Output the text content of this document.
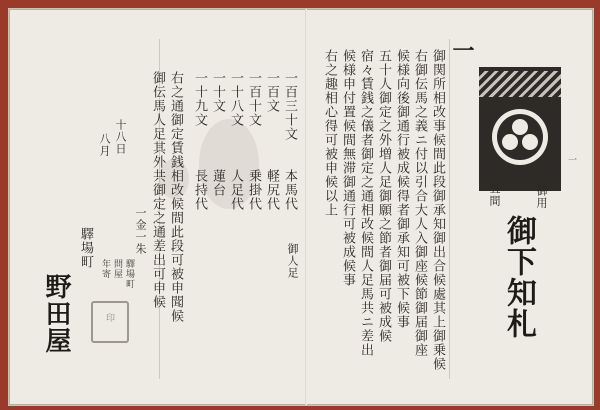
一
御関所相改事候間此段御承知御出合候處其上御乗候
右御伝馬之義ニ付以引合大人入御座候節御届御座
候様向後御通行被成候得者御承知可被下候事
五十人御定之外増人足御願之節者御届可被成候
宿々賃銭之儀者御定之通相改候間人足馬共ニ差出
候様申付置候間無滞御通行可被成候事
右之趣相心得可被申候以上	一
御用
五間
御下知札
一百三十文
一百文
一百十文
一十八文
一十文
一十九文
本馬代
軽尻代
乗掛代
人足代
蓮台
長持代
御人足
右之通御定賃銭相改候間此段可被申聞候
御伝馬人足其外共御定之通差出可申候
十八日
八月
一金一朱
驛場町
問屋
年寄
驛場町
野田屋	印
